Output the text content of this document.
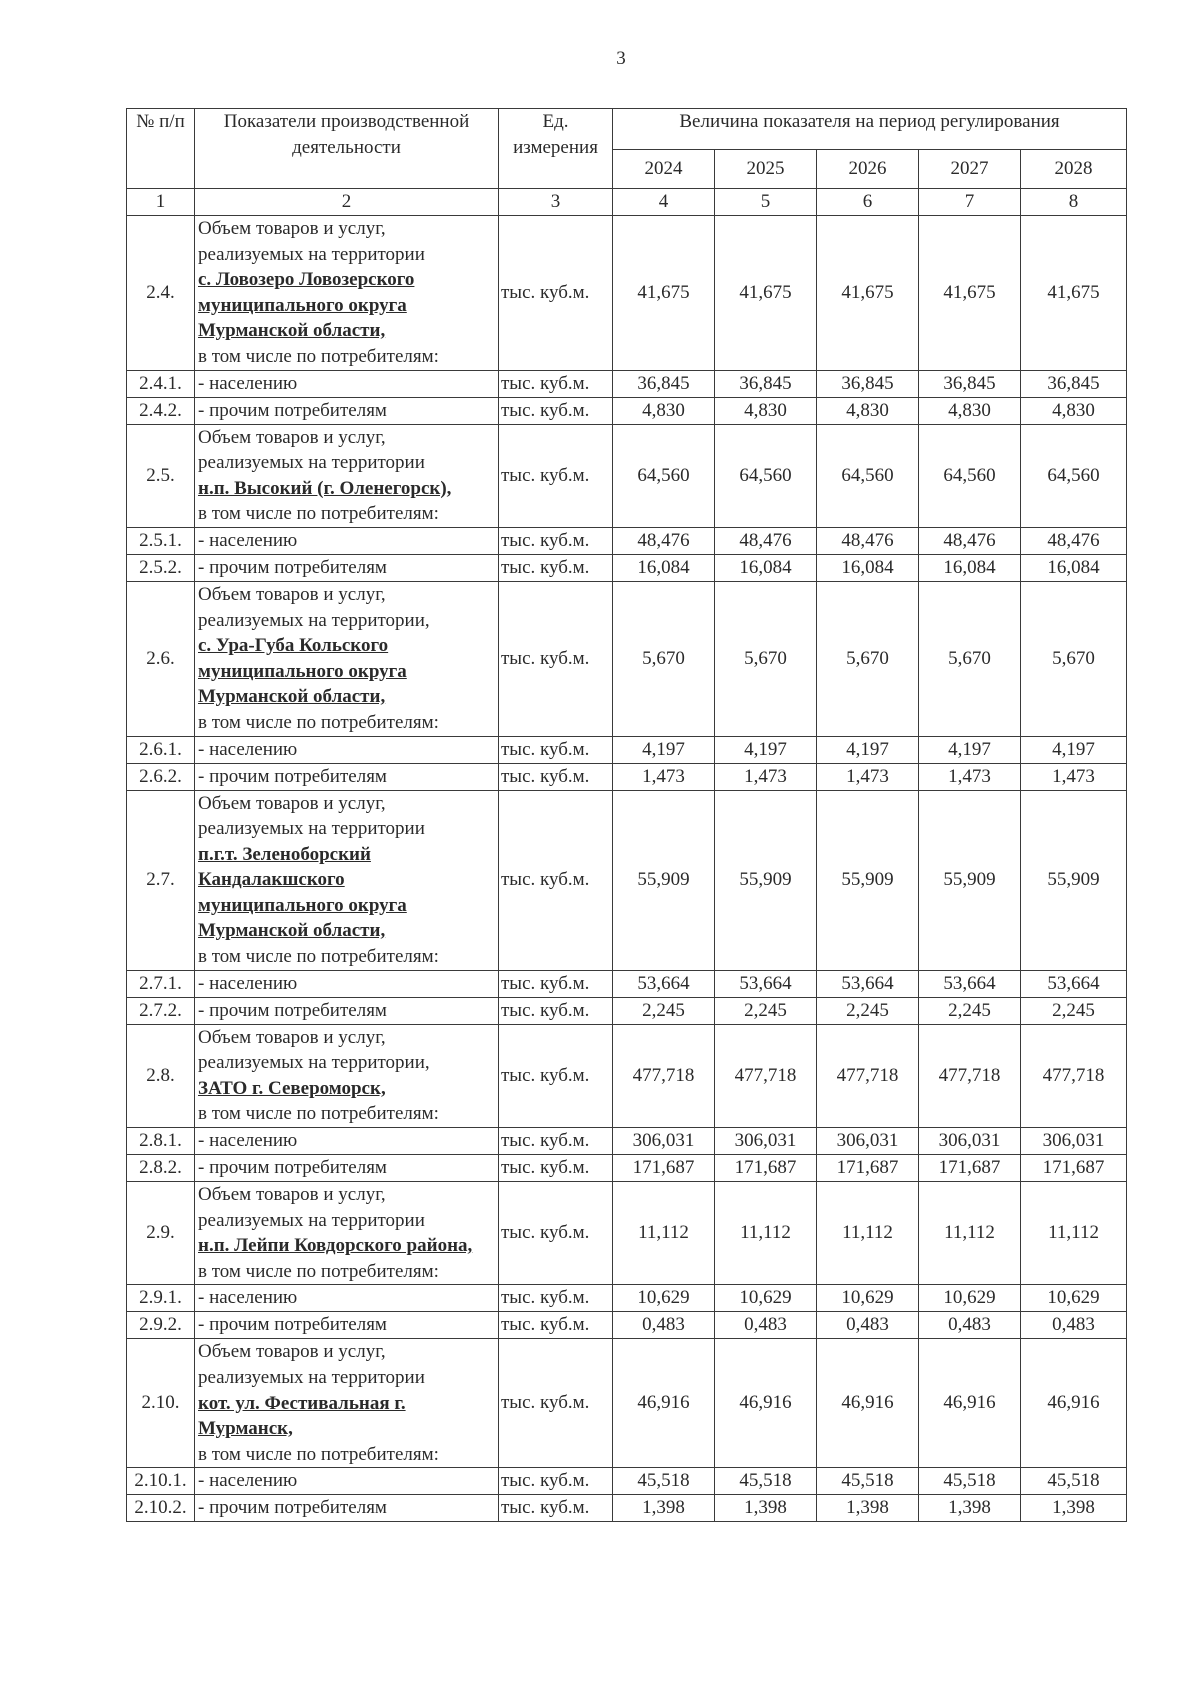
3
№ п/п	Показатели производственной деятельности	Ед. измерения	Величина показателя на период регулирования				
			2024	2025	2026	2027	2028
1	2	3	4	5	6	7	8
2.4.	Объем товаров и услуг, реализуемых на территории
с. Ловозеро Ловозерского муниципального округа Мурманской области,
в том числе по потребителям:	тыс. куб.м.	41,675	41,675	41,675	41,675	41,675
2.4.1.	- населению	тыс. куб.м.	36,845	36,845	36,845	36,845	36,845
2.4.2.	- прочим потребителям	тыс. куб.м.	4,830	4,830	4,830	4,830	4,830
2.5.	Объем товаров и услуг, реализуемых на территории
н.п. Высокий (г. Оленегорск),
в том числе по потребителям:	тыс. куб.м.	64,560	64,560	64,560	64,560	64,560
2.5.1.	- населению	тыс. куб.м.	48,476	48,476	48,476	48,476	48,476
2.5.2.	- прочим потребителям	тыс. куб.м.	16,084	16,084	16,084	16,084	16,084
2.6.	Объем товаров и услуг, реализуемых на территории,
с. Ура-Губа Кольского муниципального округа Мурманской области,
в том числе по потребителям:	тыс. куб.м.	5,670	5,670	5,670	5,670	5,670
2.6.1.	- населению	тыс. куб.м.	4,197	4,197	4,197	4,197	4,197
2.6.2.	- прочим потребителям	тыс. куб.м.	1,473	1,473	1,473	1,473	1,473
2.7.	Объем товаров и услуг, реализуемых на территории
п.г.т. Зеленоборский Кандалакшского муниципального округа Мурманской области,
в том числе по потребителям:	тыс. куб.м.	55,909	55,909	55,909	55,909	55,909
2.7.1.	- населению	тыс. куб.м.	53,664	53,664	53,664	53,664	53,664
2.7.2.	- прочим потребителям	тыс. куб.м.	2,245	2,245	2,245	2,245	2,245
2.8.	Объем товаров и услуг, реализуемых на территории,
ЗАТО г. Североморск,
в том числе по потребителям:	тыс. куб.м.	477,718	477,718	477,718	477,718	477,718
2.8.1.	- населению	тыс. куб.м.	306,031	306,031	306,031	306,031	306,031
2.8.2.	- прочим потребителям	тыс. куб.м.	171,687	171,687	171,687	171,687	171,687
2.9.	Объем товаров и услуг, реализуемых на территории
н.п. Лейпи Ковдорского района,
в том числе по потребителям:	тыс. куб.м.	11,112	11,112	11,112	11,112	11,112
2.9.1.	- населению	тыс. куб.м.	10,629	10,629	10,629	10,629	10,629
2.9.2.	- прочим потребителям	тыс. куб.м.	0,483	0,483	0,483	0,483	0,483
2.10.	Объем товаров и услуг, реализуемых на территории
кот. ул. Фестивальная г. Мурманск,
в том числе по потребителям:	тыс. куб.м.	46,916	46,916	46,916	46,916	46,916
2.10.1.	- населению	тыс. куб.м.	45,518	45,518	45,518	45,518	45,518
2.10.2.	- прочим потребителям	тыс. куб.м.	1,398	1,398	1,398	1,398	1,398
